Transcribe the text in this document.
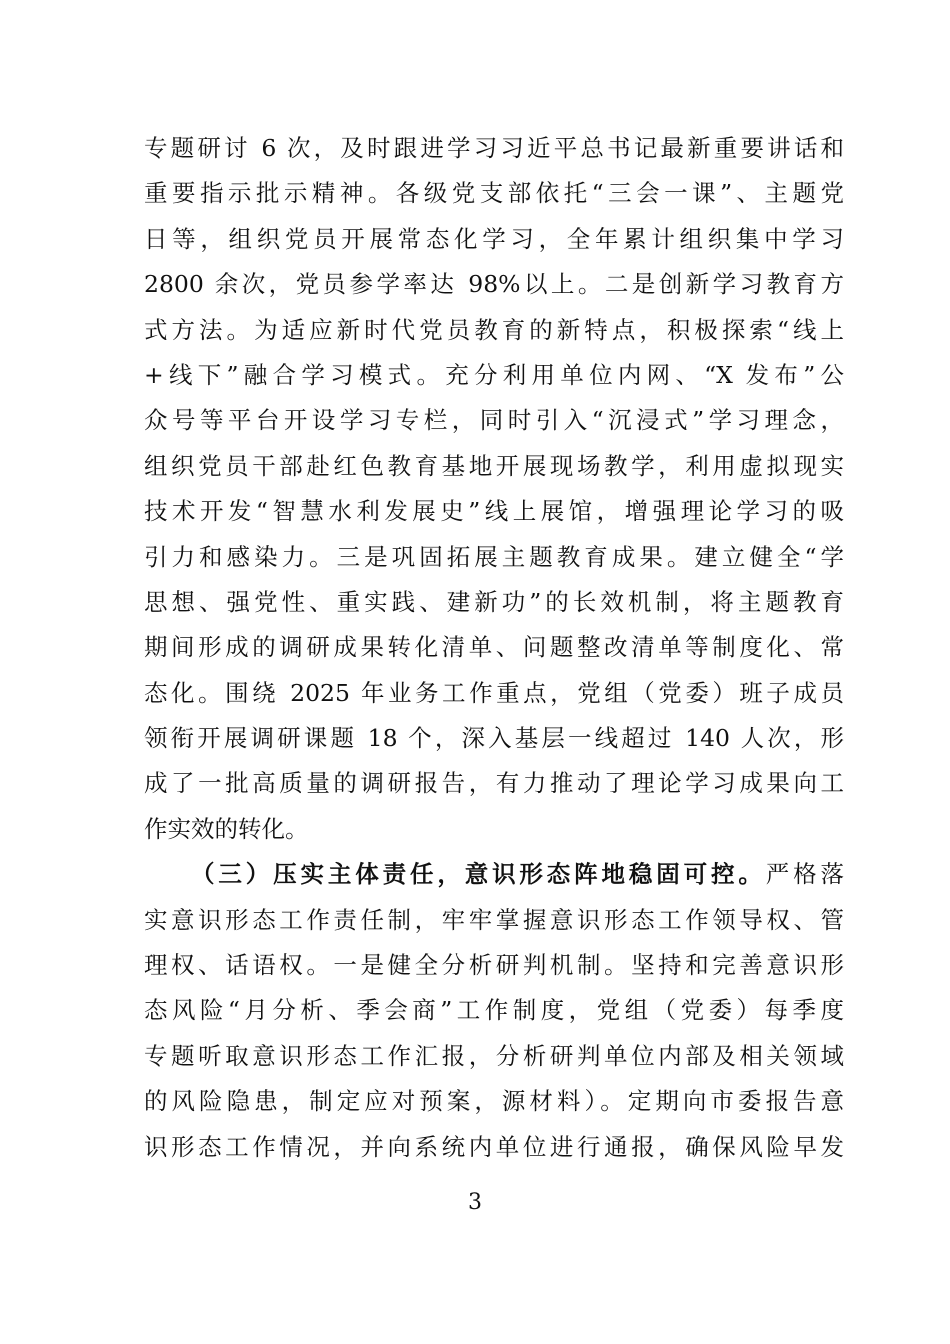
专题研讨 6 次，及时跟进学习习近平总书记最新重要讲话和
重要指示批示精神。各级党支部依托“三会一课”、主题党
日等，组织党员开展常态化学习，全年累计组织集中学习
2800 余次，党员参学率达 98%以上。二是创新学习教育方
式方法。为适应新时代党员教育的新特点，积极探索“线上
+线下”融合学习模式。充分利用单位内网、“X 发布”公
众号等平台开设学习专栏，同时引入“沉浸式”学习理念，
组织党员干部赴红色教育基地开展现场教学，利用虚拟现实
技术开发“智慧水利发展史”线上展馆，增强理论学习的吸
引力和感染力。三是巩固拓展主题教育成果。建立健全“学
思想、强党性、重实践、建新功”的长效机制，将主题教育
期间形成的调研成果转化清单、问题整改清单等制度化、常
态化。围绕 2025 年业务工作重点，党组（党委）班子成员
领衔开展调研课题 18 个，深入基层一线超过 140 人次，形
成了一批高质量的调研报告，有力推动了理论学习成果向工
作实效的转化。
（三）压实主体责任，意识形态阵地稳固可控。严格落
实意识形态工作责任制，牢牢掌握意识形态工作领导权、管
理权、话语权。一是健全分析研判机制。坚持和完善意识形
态风险“月分析、季会商”工作制度，党组（党委）每季度
专题听取意识形态工作汇报，分析研判单位内部及相关领域
的风险隐患，制定应对预案，源材料）。定期向市委报告意
识形态工作情况，并向系统内单位进行通报，确保风险早发
3
